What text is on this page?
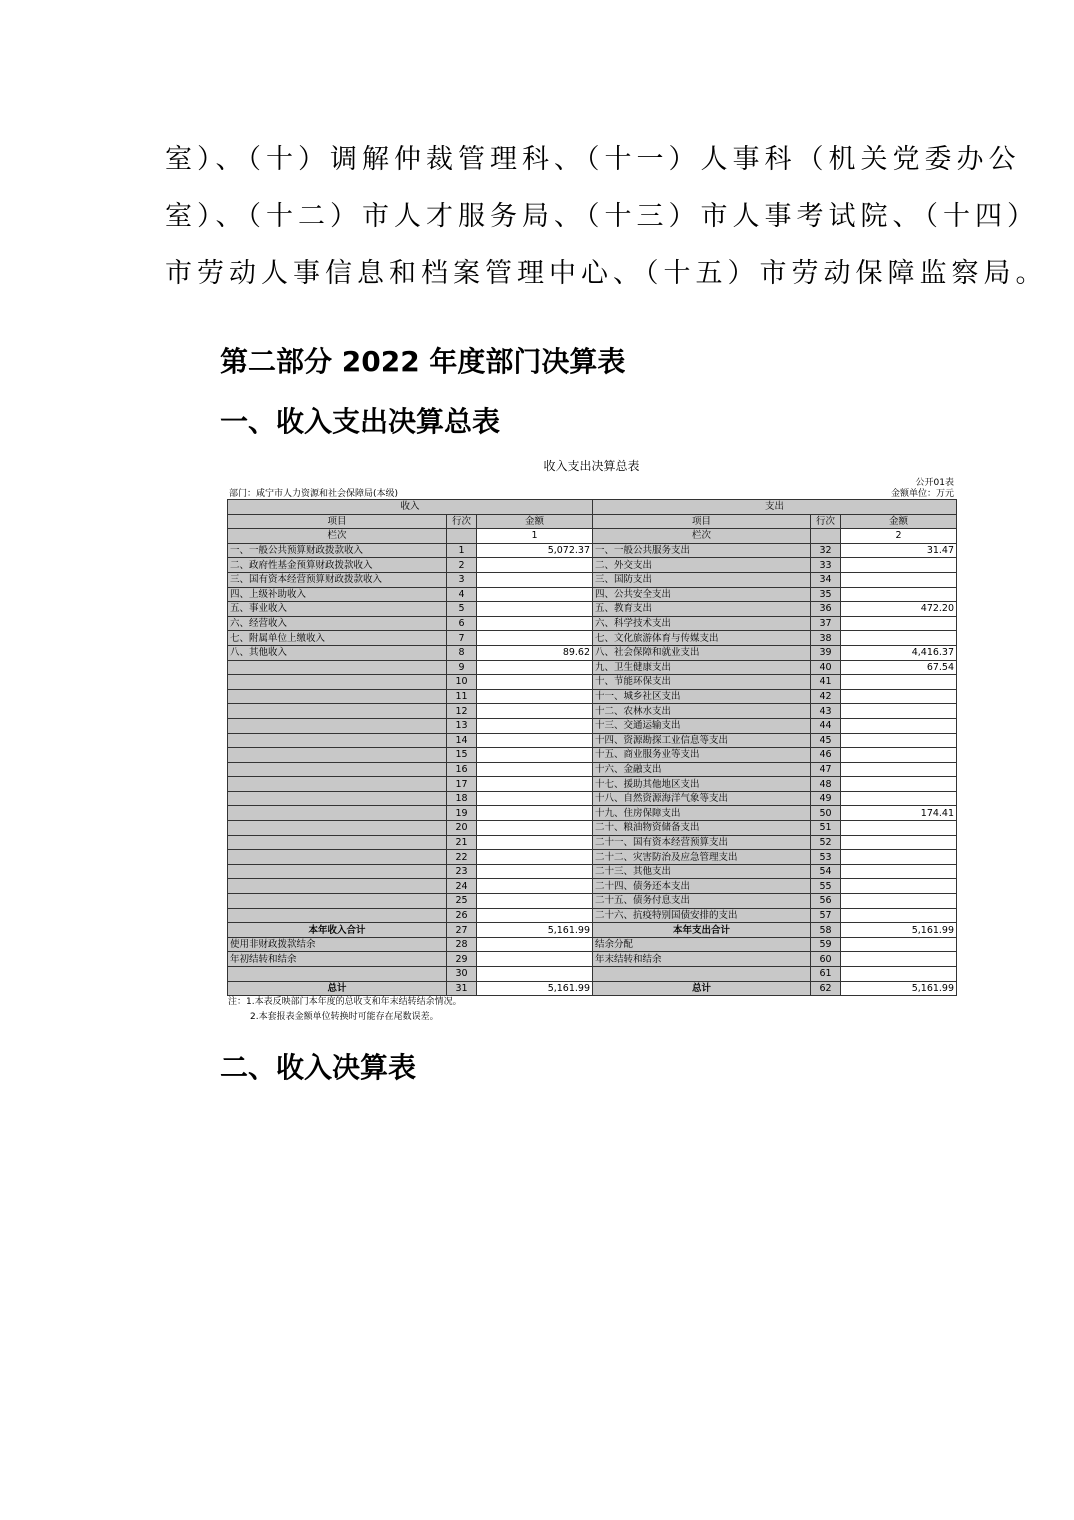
室）、（十）调解仲裁管理科、（十一）人事科（机关党委办公
室）、（十二）市人才服务局、（十三）市人事考试院、（十四）
市劳动人事信息和档案管理中心、（十五）市劳动保障监察局。
第二部分 2022 年度部门决算表
一、收入支出决算总表
收入支出决算总表
公开01表
部门：咸宁市人力资源和社会保障局(本级)	金额单位：万元
收入			支出		
项目	行次	金额	项目	行次	金额
栏次		1	栏次		2
一、一般公共预算财政拨款收入	1	5,072.37	一、一般公共服务支出	32	31.47
二、政府性基金预算财政拨款收入	2		二、外交支出	33	
三、国有资本经营预算财政拨款收入	3		三、国防支出	34	
四、上级补助收入	4		四、公共安全支出	35	
五、事业收入	5		五、教育支出	36	472.20
六、经营收入	6		六、科学技术支出	37	
七、附属单位上缴收入	7		七、文化旅游体育与传媒支出	38	
八、其他收入	8	89.62	八、社会保障和就业支出	39	4,416.37
	9		九、卫生健康支出	40	67.54
	10		十、节能环保支出	41	
	11		十一、城乡社区支出	42	
	12		十二、农林水支出	43	
	13		十三、交通运输支出	44	
	14		十四、资源勘探工业信息等支出	45	
	15		十五、商业服务业等支出	46	
	16		十六、金融支出	47	
	17		十七、援助其他地区支出	48	
	18		十八、自然资源海洋气象等支出	49	
	19		十九、住房保障支出	50	174.41
	20		二十、粮油物资储备支出	51	
	21		二十一、国有资本经营预算支出	52	
	22		二十二、灾害防治及应急管理支出	53	
	23		二十三、其他支出	54	
	24		二十四、债务还本支出	55	
	25		二十五、债务付息支出	56	
	26		二十六、抗疫特别国债安排的支出	57	
本年收入合计	27	5,161.99	本年支出合计	58	5,161.99
使用非财政拨款结余	28		结余分配	59	
年初结转和结余	29		年末结转和结余	60	
	30			61	
总计	31	5,161.99	总计	62	5,161.99
注：1.本表反映部门本年度的总收支和年末结转结余情况。
2.本套报表金额单位转换时可能存在尾数误差。
二、收入决算表
